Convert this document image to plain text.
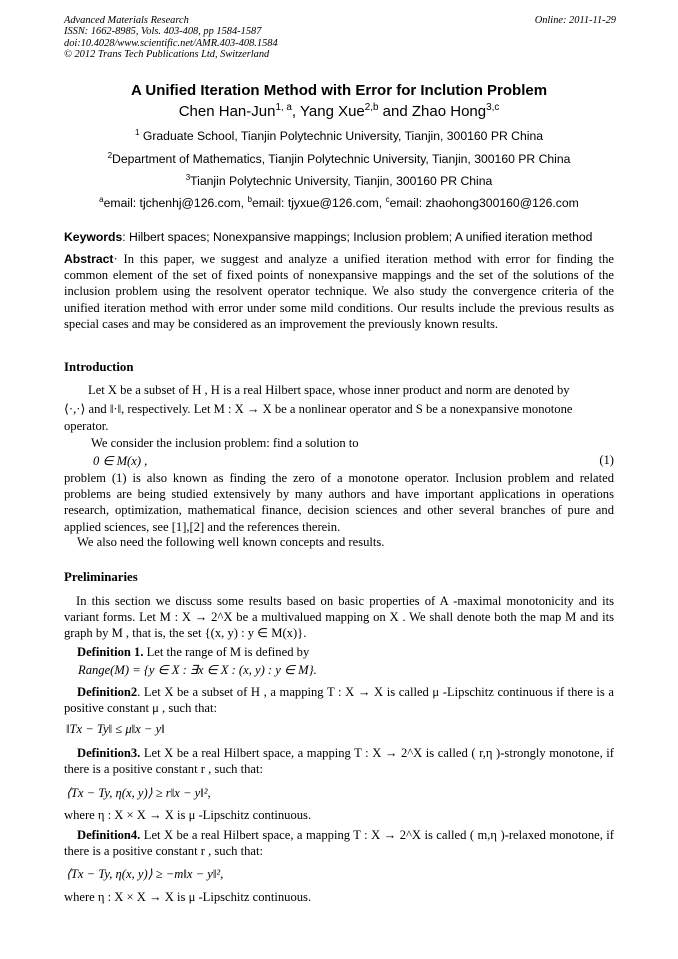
Advanced Materials Research
ISSN: 1662-8985, Vols. 403-408, pp 1584-1587
doi:10.4028/www.scientific.net/AMR.403-408.1584
© 2012 Trans Tech Publications Ltd, Switzerland
Online: 2011-11-29
A Unified Iteration Method with Error for Inclution Problem
Chen Han-Jun$^{1, a}$, Yang Xue$^{2,b}$ and Zhao Hong$^{3,c}$
$^1$ Graduate School, Tianjin Polytechnic University, Tianjin, 300160 PR China
$^2$Department of Mathematics, Tianjin Polytechnic University, Tianjin, 300160 PR China
$^3$Tianjin Polytechnic University, Tianjin, 300160 PR China
$^a$email: tjchenhj@126.com, $^b$email: tjyxue@126.com, $^c$email: zhaohong300160@126.com
Keywords: Hilbert spaces; Nonexpansive mappings; Inclusion problem; A unified iteration method
Abstract· In this paper, we suggest and analyze a unified iteration method with error for finding the common element of the set of fixed points of nonexpansive mappings and the set of the solutions of the inclusion problem using the resolvent operator technique. We also study the convergence criteria of the unified iteration method with error under some mild conditions. Our results include the previous results as special cases and may be considered as an improvement the previously known results.
Introduction
Let X be a subset of H , H is a real Hilbert space, whose inner product and norm are denoted by
⟨·,·⟩ and ‖·‖, respectively. Let M : X → X be a nonlinear operator and S be a nonexpansive monotone
operator.
We consider the inclusion problem: find a solution to
0 ∈ M(x) ,	(1)
problem (1) is also known as finding the zero of a monotone operator. Inclusion problem and related problems are being studied extensively by many authors and have important applications in operations research, optimization, mathematical finance, decision sciences and other several branches of pure and applied sciences, see [1],[2] and the references therein.
We also need the following well known concepts and results.
Preliminaries
In this section we discuss some results based on basic properties of A -maximal monotonicity and its variant forms. Let M : X → 2^X be a multivalued mapping on X . We shall denote both the map M and its graph by M , that is, the set {(x, y) : y ∈ M(x)}.
Definition 1. Let the range of M is defined by
Range(M) = {y ∈ X : ∃x ∈ X : (x, y) : y ∈ M}.
Definition2. Let X be a subset of H , a mapping T : X → X is called μ -Lipschitz continuous if there is a positive constant μ , such that:
‖Tx − Ty‖ ≤ μ‖x − y‖
Definition3. Let X be a real Hilbert space, a mapping T : X → 2^X is called ( r,η )-strongly monotone, if there is a positive constant r , such that:
⟨Tx − Ty, η(x, y)⟩ ≥ r‖x − y‖²,
where η : X × X → X is μ -Lipschitz continuous.
Definition4. Let X be a real Hilbert space, a mapping T : X → 2^X is called ( m,η )-relaxed monotone, if there is a positive constant r , such that:
⟨Tx − Ty, η(x, y)⟩ ≥ −m‖x − y‖²,
where η : X × X → X is μ -Lipschitz continuous.
